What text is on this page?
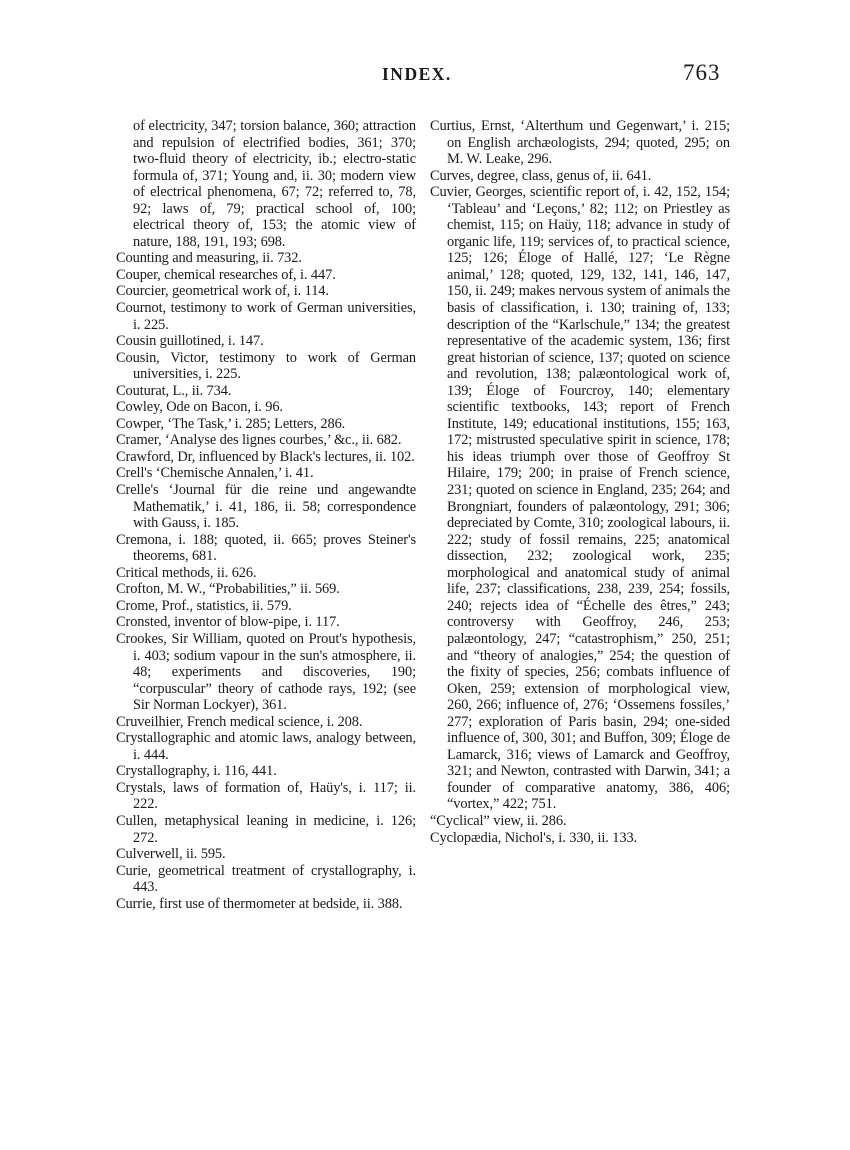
INDEX.	763
of electricity, 347; torsion balance, 360; attraction and repulsion of electrified bodies, 361; 370; two-fluid theory of electricity, ib.; electro-static formula of, 371; Young and, ii. 30; modern view of electrical phenomena, 67; 72; referred to, 78, 92; laws of, 79; practical school of, 100; electrical theory of, 153; the atomic view of nature, 188, 191, 193; 698.
Counting and measuring, ii. 732.
Couper, chemical researches of, i. 447.
Courcier, geometrical work of, i. 114.
Cournot, testimony to work of German universities, i. 225.
Cousin guillotined, i. 147.
Cousin, Victor, testimony to work of German universities, i. 225.
Couturat, L., ii. 734.
Cowley, Ode on Bacon, i. 96.
Cowper, ‘The Task,’ i. 285; Letters, 286.
Cramer, ‘Analyse des lignes courbes,’ &c., ii. 682.
Crawford, Dr, influenced by Black's lectures, ii. 102.
Crell's ‘Chemische Annalen,’ i. 41.
Crelle's ‘Journal für die reine und angewandte Mathematik,’ i. 41, 186, ii. 58; correspondence with Gauss, i. 185.
Cremona, i. 188; quoted, ii. 665; proves Steiner's theorems, 681.
Critical methods, ii. 626.
Crofton, M. W., “Probabilities,” ii. 569.
Crome, Prof., statistics, ii. 579.
Cronsted, inventor of blow-pipe, i. 117.
Crookes, Sir William, quoted on Prout's hypothesis, i. 403; sodium vapour in the sun's atmosphere, ii. 48; experiments and discoveries, 190; “corpuscular” theory of cathode rays, 192; (see Sir Norman Lockyer), 361.
Cruveilhier, French medical science, i. 208.
Crystallographic and atomic laws, analogy between, i. 444.
Crystallography, i. 116, 441.
Crystals, laws of formation of, Haüy's, i. 117; ii. 222.
Cullen, metaphysical leaning in medicine, i. 126; 272.
Culverwell, ii. 595.
Curie, geometrical treatment of crystallography, i. 443.
Currie, first use of thermometer at bedside, ii. 388.
Curtius, Ernst, ‘Alterthum und Gegenwart,’ i. 215; on English archæologists, 294; quoted, 295; on M. W. Leake, 296.
Curves, degree, class, genus of, ii. 641.
Cuvier, Georges, scientific report of, i. 42, 152, 154; ‘Tableau’ and ‘Leçons,’ 82; 112; on Priestley as chemist, 115; on Haüy, 118; advance in study of organic life, 119; services of, to practical science, 125; 126; Éloge of Hallé, 127; ‘Le Règne animal,’ 128; quoted, 129, 132, 141, 146, 147, 150, ii. 249; makes nervous system of animals the basis of classification, i. 130; training of, 133; description of the “Karlschule,” 134; the greatest representative of the academic system, 136; first great historian of science, 137; quoted on science and revolution, 138; palæontological work of, 139; Éloge of Fourcroy, 140; elementary scientific textbooks, 143; report of French Institute, 149; educational institutions, 155; 163, 172; mistrusted speculative spirit in science, 178; his ideas triumph over those of Geoffroy St Hilaire, 179; 200; in praise of French science, 231; quoted on science in England, 235; 264; and Brongniart, founders of palæontology, 291; 306; depreciated by Comte, 310; zoological labours, ii. 222; study of fossil remains, 225; anatomical dissection, 232; zoological work, 235; morphological and anatomical study of animal life, 237; classifications, 238, 239, 254; fossils, 240; rejects idea of “Échelle des êtres,” 243; controversy with Geoffroy, 246, 253; palæontology, 247; “catastrophism,” 250, 251; and “theory of analogies,” 254; the question of the fixity of species, 256; combats influence of Oken, 259; extension of morphological view, 260, 266; influence of, 276; ‘Ossemens fossiles,’ 277; exploration of Paris basin, 294; one-sided influence of, 300, 301; and Buffon, 309; Éloge de Lamarck, 316; views of Lamarck and Geoffroy, 321; and Newton, contrasted with Darwin, 341; a founder of comparative anatomy, 386, 406; “vortex,” 422; 751.
“Cyclical” view, ii. 286.
Cyclopædia, Nichol's, i. 330, ii. 133.
